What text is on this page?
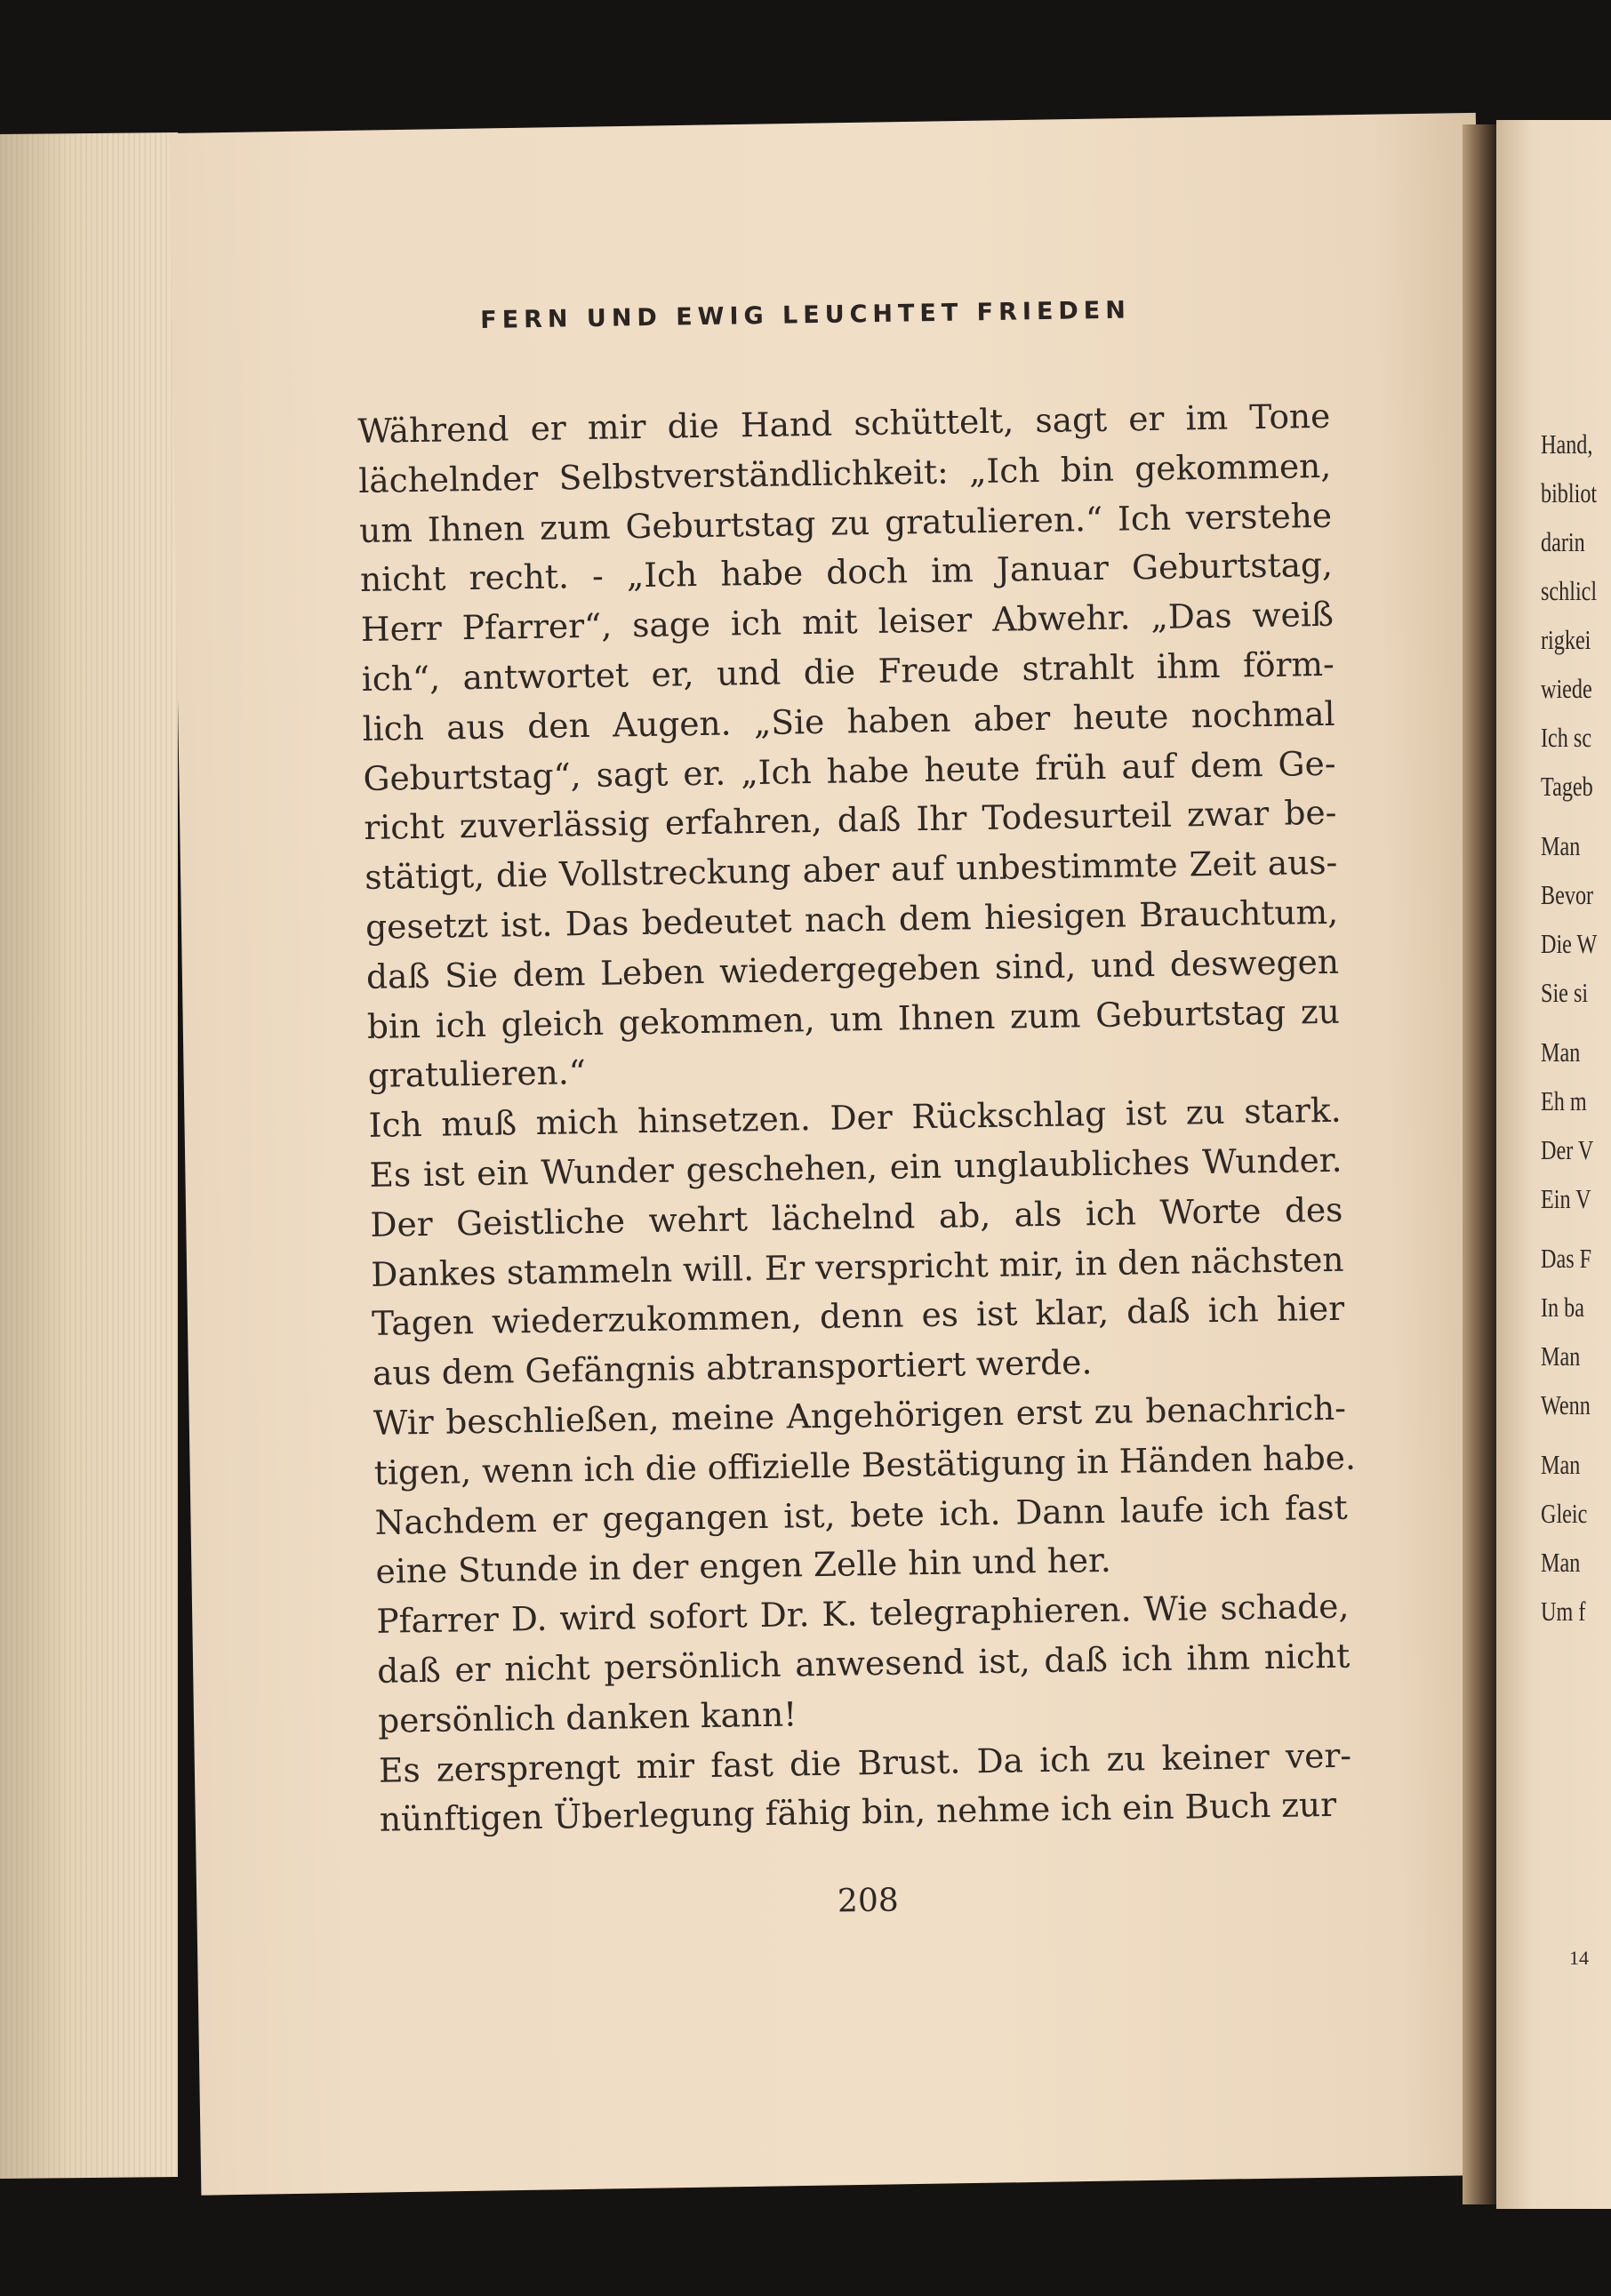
FERN UND EWIG LEUCHTET FRIEDEN
Während er mir die Hand schüttelt, sagt er im Tone
lächelnder Selbstverständlichkeit: „Ich bin gekommen,
um Ihnen zum Geburtstag zu gratulieren.“ Ich verstehe
nicht recht. - „Ich habe doch im Januar Geburtstag,
Herr Pfarrer“, sage ich mit leiser Abwehr. „Das weiß
ich“, antwortet er, und die Freude strahlt ihm förm-
lich aus den Augen. „Sie haben aber heute nochmal
Geburtstag“, sagt er. „Ich habe heute früh auf dem Ge-
richt zuverlässig erfahren, daß Ihr Todesurteil zwar be-
stätigt, die Vollstreckung aber auf unbestimmte Zeit aus-
gesetzt ist. Das bedeutet nach dem hiesigen Brauchtum,
daß Sie dem Leben wiedergegeben sind, und deswegen
bin ich gleich gekommen, um Ihnen zum Geburtstag zu
gratulieren.“
Ich muß mich hinsetzen. Der Rückschlag ist zu stark.
Es ist ein Wunder geschehen, ein unglaubliches Wunder.
Der Geistliche wehrt lächelnd ab, als ich Worte des
Dankes stammeln will. Er verspricht mir, in den nächsten
Tagen wiederzukommen, denn es ist klar, daß ich hier
aus dem Gefängnis abtransportiert werde.
Wir beschließen, meine Angehörigen erst zu benachrich-
tigen, wenn ich die offizielle Bestätigung in Händen habe.
Nachdem er gegangen ist, bete ich. Dann laufe ich fast
eine Stunde in der engen Zelle hin und her.
Pfarrer D. wird sofort Dr. K. telegraphieren. Wie schade,
daß er nicht persönlich anwesend ist, daß ich ihm nicht
persönlich danken kann!
Es zersprengt mir fast die Brust. Da ich zu keiner ver-
nünftigen Überlegung fähig bin, nehme ich ein Buch zur
208
Hand,
bibliot
darin
schlicl
rigkei
wiede
Ich sc
Tageb
Man
Bevor
Die W
Sie si
Man
Eh m
Der V
Ein V
Das F
In ba
Man
Wenn
Man
Gleic
Man
Um f
14
